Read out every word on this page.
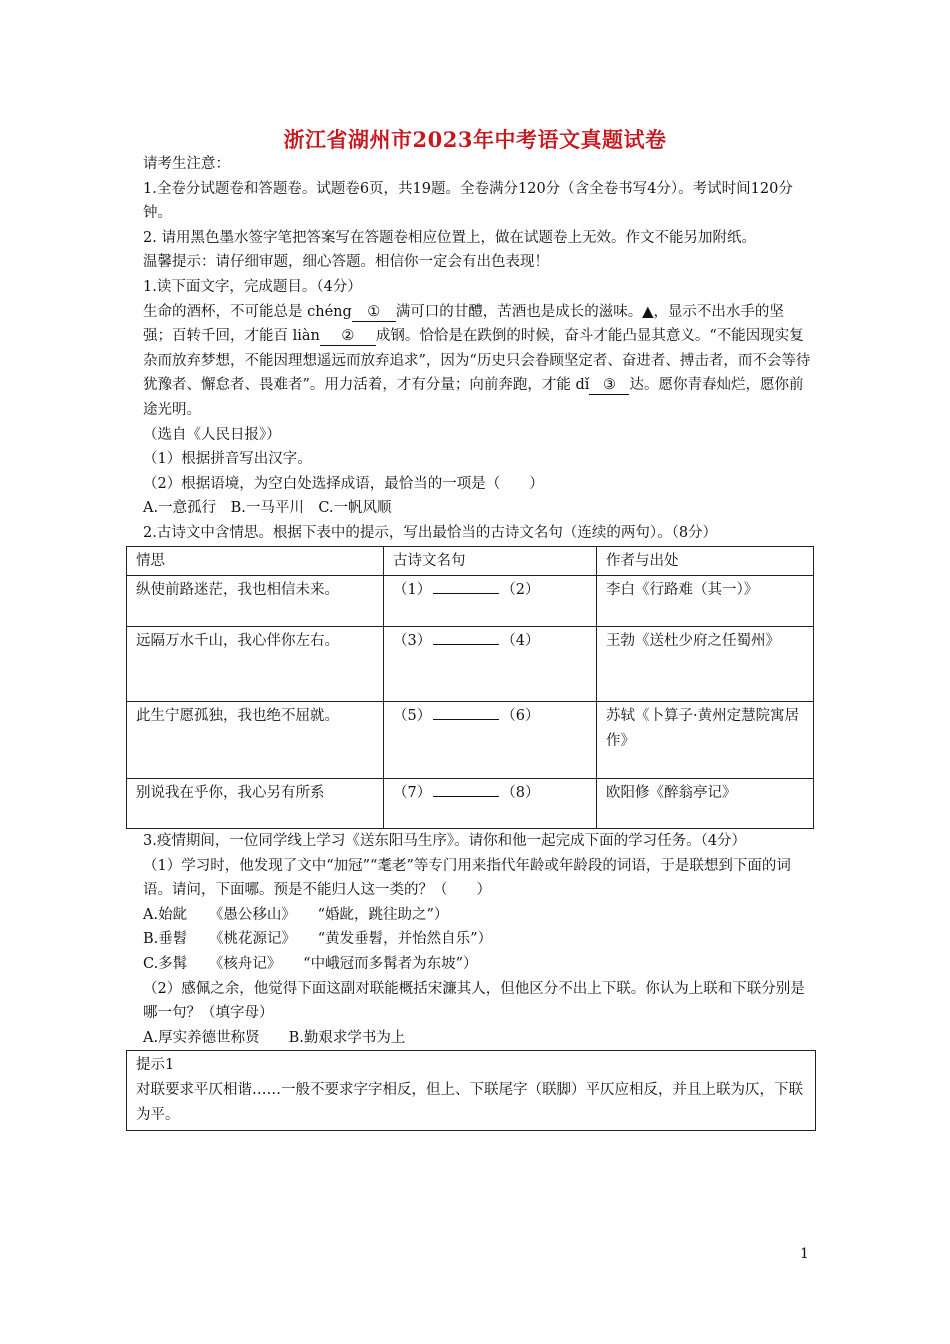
浙江省湖州市2023年中考语文真题试卷

请考生注意：

1.全卷分试题卷和答题卷。试题卷6页，共19题。全卷满分120分（含全卷书写4分）。考试时间120分钟。

2. 请用黑色墨水签字笔把答案写在答题卷相应位置上，做在试题卷上无效。作文不能另加附纸。

温馨提示：请仔细审题，细心答题。相信你一定会有出色表现！

1.读下面文字，完成题目。（4分）

生命的酒杯，不可能总是 chéng ① 满可口的甘醴，苦酒也是成长的滋味。▲，显示不出水手的坚强；百转千回，才能百 liàn ② 成钢。恰恰是在跌倒的时候，奋斗才能凸显其意义。“不能因现实复杂而放弃梦想，不能因理想遥远而放弃追求”，因为“历史只会眷顾坚定者、奋进者、搏击者，而不会等待犹豫者、懈怠者、畏难者”。用力活着，才有分量；向前奔跑，才能 dǐ ③ 达。愿你青春灿烂，愿你前途光明。

（选自《人民日报》）

（1）根据拼音写出汉字。

（2）根据语境，为空白处选择成语，最恰当的一项是（　　）

A.一意孤行　B.一马平川　C.一帆风顺

2.古诗文中含情思。根据下表中的提示，写出最恰当的古诗文名句（连续的两句）。（8分）

情思	古诗文名句	作者与出处
纵使前路迷茫，我也相信未来。	（1） （2）	李白《行路难（其一）》
远隔万水千山，我心伴你左右。	（3） （4）	王勃《送杜少府之任蜀州》
此生宁愿孤独，我也绝不屈就。	（5） （6）	苏轼《卜算子·黄州定慧院寓居作》
别说我在乎你，我心另有所系	（7） （8）	欧阳修《醉翁亭记》

3.疫情期间，一位同学线上学习《送东阳马生序》。请你和他一起完成下面的学习任务。（4分）

（1）学习时，他发现了文中“加冠”“耄老”等专门用来指代年龄或年龄段的词语，于是联想到下面的词语。请问，下面哪。预是不能归人这一类的？（　　）

A.始龀　　《愚公移山》　　“婚龀，跳往助之”）

B.垂髫　　《桃花源记》　　“黄发垂髫，并怡然自乐”）

C.多髯　　《核舟记》　　“中峨冠而多髯者为东坡”）

（2）感佩之余，他觉得下面这副对联能概括宋濂其人，但他区分不出上下联。你认为上联和下联分别是哪一句？（填字母）

A.厚实养德世称贤　　B.勤艰求学书为上

提示1

对联要求平仄相谐……一般不要求字字相反，但上、下联尾字（联脚）平仄应相反，并且上联为仄，下联为平。

1
